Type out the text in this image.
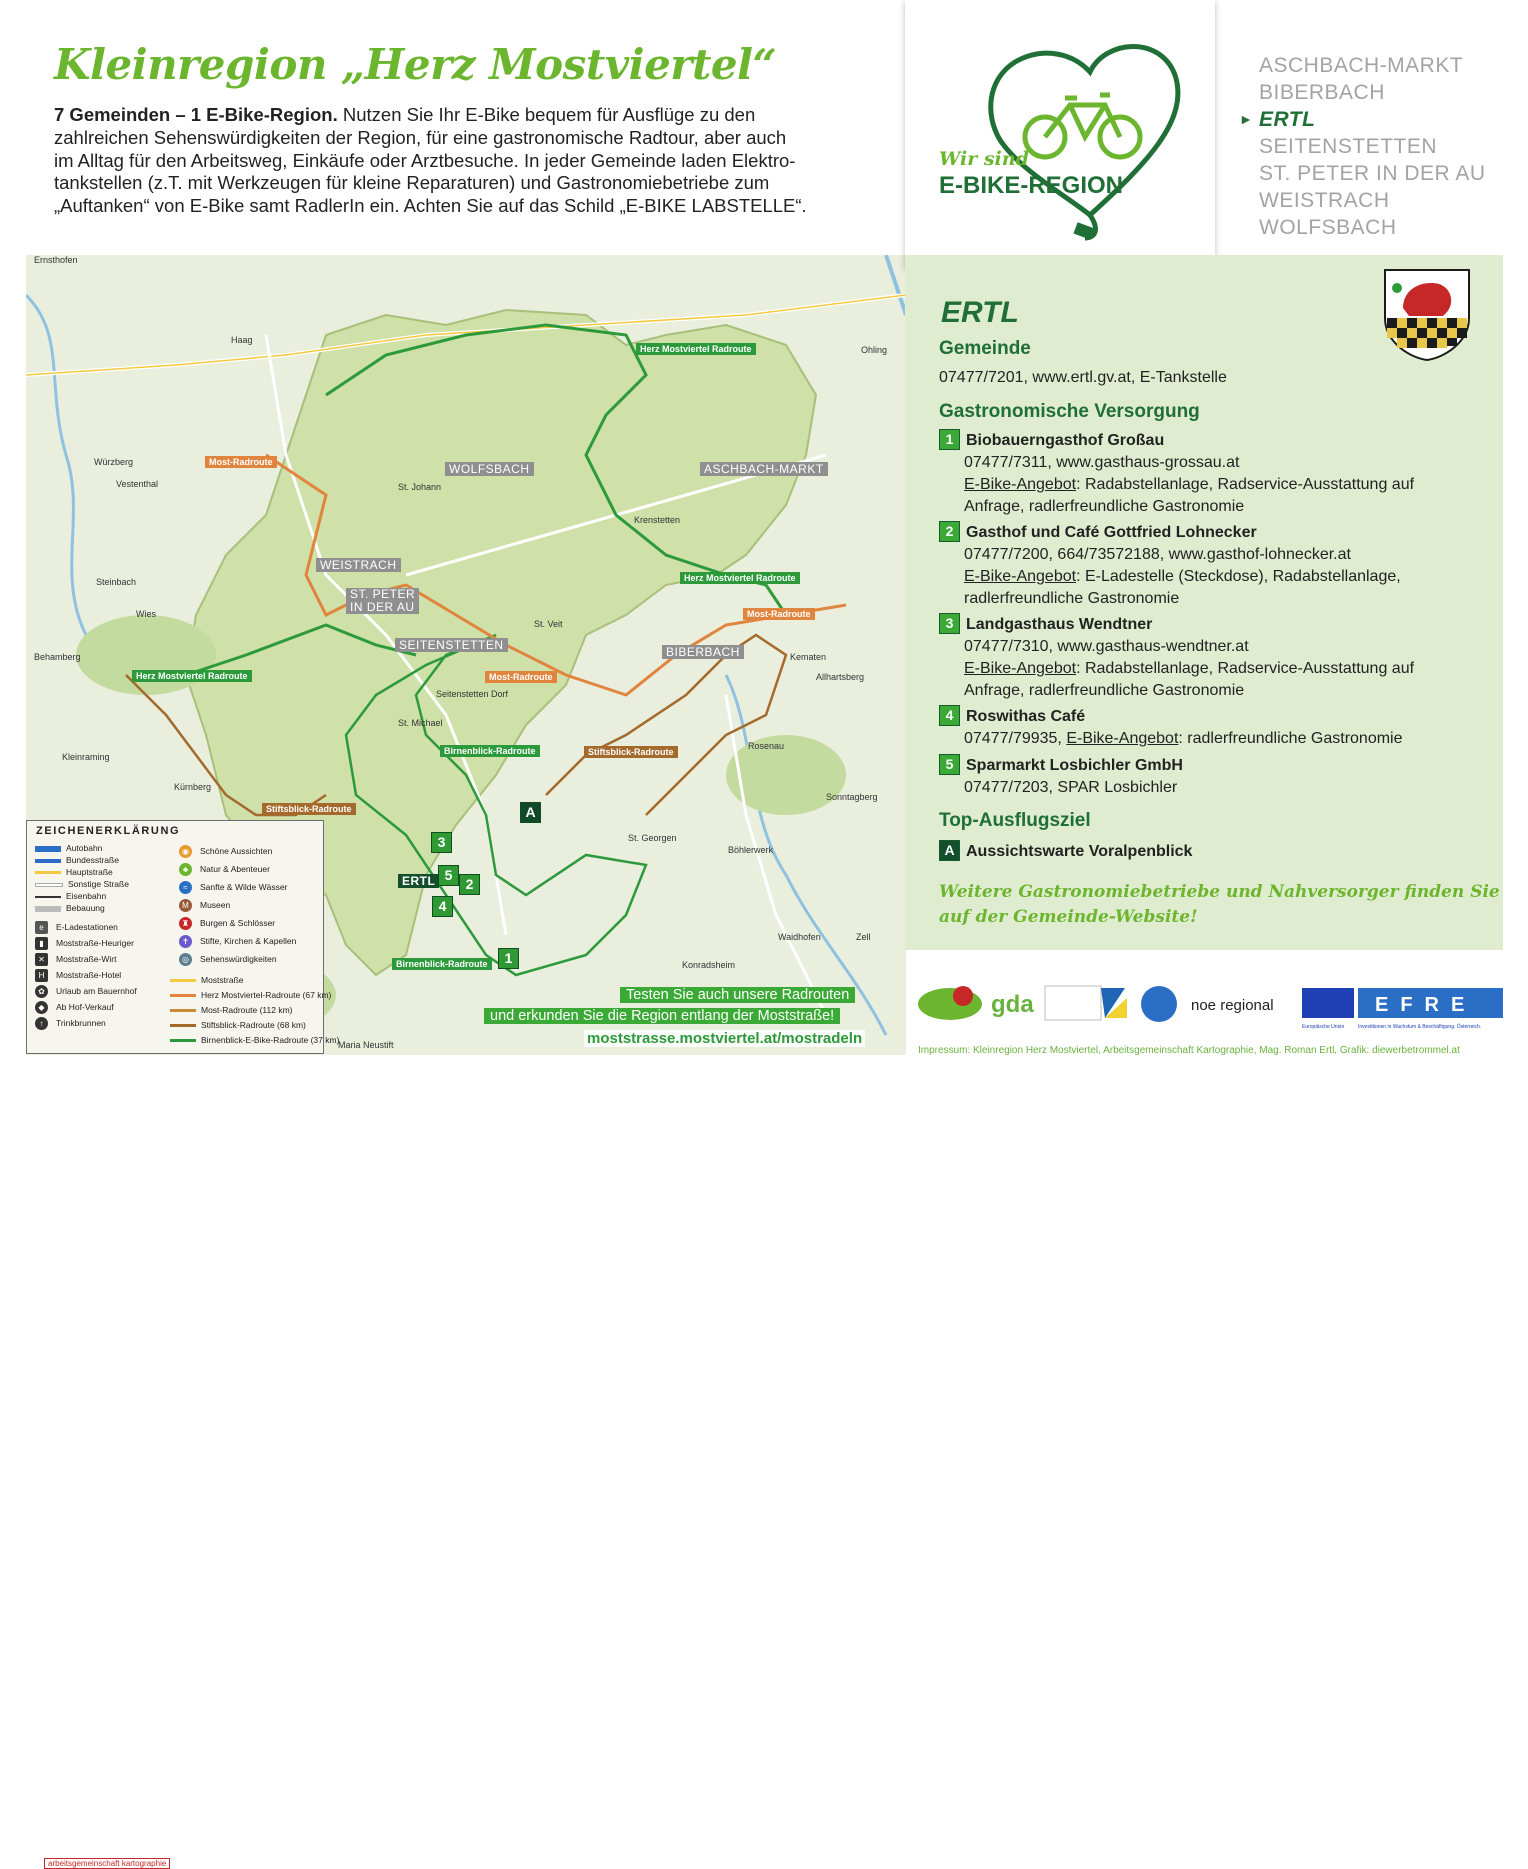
Kleinregion „Herz Mostviertel“
7 Gemeinden – 1 E-Bike-Region. Nutzen Sie Ihr E-Bike bequem für Ausflüge zu den
zahlreichen Sehenswürdigkeiten der Region, für eine gastronomische Radtour, aber auch
im Alltag für den Arbeitsweg, Einkäufe oder Arztbesuche. In jeder Gemeinde laden Elektro-
tankstellen (z.T. mit Werkzeugen für kleine Reparaturen) und Gastronomiebetriebe zum
„Auftanken“ von E-Bike samt RadlerIn ein. Achten Sie auf das Schild „E-BIKE LABSTELLE“.
Ernsthofen
Haag
Ohling
Kürnberg
Kleinraming
Behamberg
Sonntagberg
Waidhofen	Zell
Maria Neustift
St. Johann
Krenstetten
St. Michael
Rosenau
Böhlerwerk
Kematen
Allhartsberg
Vestenthal
St. Georgen
Konradsheim
Seitenstetten Dorf
St. Veit
Würzberg
Steinbach
Wies
WOLFSBACH	ASCHBACH-MARKT
WEISTRACH
ST. PETER
IN DER AU
SEITENSTETTEN	BIBERBACH
ERTL
Herz Mostviertel Radroute
Herz Mostviertel Radroute
Herz Mostviertel Radroute
Most-Radroute
Most-Radroute
Most-Radroute
Birnenblick-Radroute
Birnenblick-Radroute
Stiftsblick-Radroute
Stiftsblick-Radroute
1
2
3
4
5
A
ZEICHENERKLÄRUNG
Autobahn
Bundesstraße
Hauptstraße
Sonstige Straße
Eisenbahn
Bebauung
e E-Ladestationen
▮ Moststraße-Heuriger
✕ Moststraße-Wirt
H Moststraße-Hotel
✿ Urlaub am Bauernhof
◆ Ab Hof-Verkauf
↑ Trinkbrunnen
◉ Schöne Aussichten
♣ Natur & Abenteuer
≈ Sanfte & Wilde Wässer
M Museen
♜ Burgen & Schlösser
✝ Stifte, Kirchen & Kapellen
◎ Sehenswürdigkeiten
Moststraße
Herz Mostviertel-Radroute (67 km)
Most-Radroute (112 km)
Stiftsblick-Radroute (68 km)
Birnenblick-E-Bike-Radroute (37 km)
arbeitsgemeinschaft kartographie
Testen Sie auch unsere Radrouten
und erkunden Sie die Region entlang der Moststraße!
moststrasse.mostviertel.at/mostradeln
Wir sind
E-BIKE-REGION
ASCHBACH-MARKT
BIBERBACH
► ERTL
SEITENSTETTEN
ST. PETER IN DER AU
WEISTRACH
WOLFSBACH
ERTL
Gemeinde
07477/7201, www.ertl.gv.at, E-Tankstelle
Gastronomische Versorgung
1 Biobauerngasthof Großau
07477/7311, www.gasthaus-grossau.at
E-Bike-Angebot: Radabstellanlage, Radservice-Ausstattung auf
Anfrage, radlerfreundliche Gastronomie
2 Gasthof und Café Gottfried Lohnecker
07477/7200, 664/73572188, www.gasthof-lohnecker.at
E-Bike-Angebot: E-Ladestelle (Steckdose), Radabstellanlage,
radlerfreundliche Gastronomie
3 Landgasthaus Wendtner
07477/7310, www.gasthaus-wendtner.at
E-Bike-Angebot: Radabstellanlage, Radservice-Ausstattung auf
Anfrage, radlerfreundliche Gastronomie
4 Roswithas Café
07477/79935, E-Bike-Angebot: radlerfreundliche Gastronomie
5 Sparmarkt Losbichler GmbH
07477/7203, SPAR Losbichler
Top-Ausflugsziel
A Aussichtswarte Voralpenblick
Weitere Gastronomiebetriebe und Nahversorger finden Sie
auf der Gemeinde-Website!
gda	noe regional	EFRE
Europäische Union	Investitionen in Wachstum & Beschäftigung. Österreich.
Impressum: Kleinregion Herz Mostviertel, Arbeitsgemeinschaft Kartographie, Mag. Roman Ertl, Grafik: diewerbetrommel.at
